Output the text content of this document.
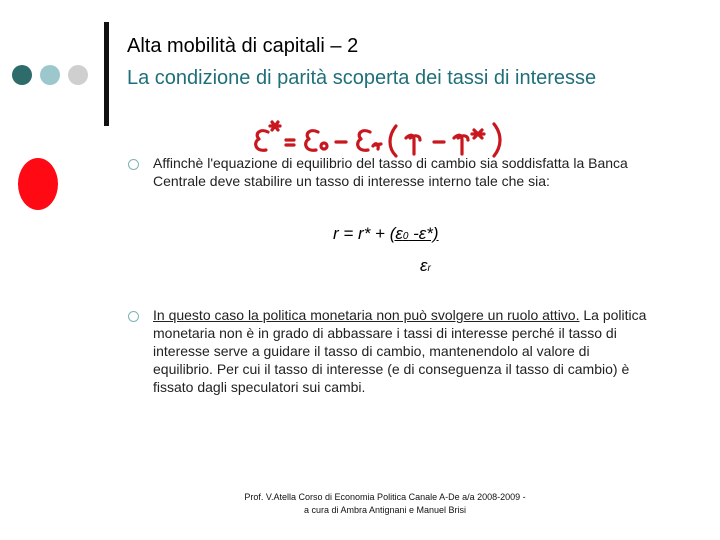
Alta mobilità di capitali – 2
La condizione di parità scoperta dei tassi di interesse
Affinchè l'equazione di equilibrio del tasso di cambio sia soddisfatta la Banca Centrale deve stabilire un tasso di interesse interno tale che sia:
r = r* + (ε0 -ε*)
εr
In questo caso la politica monetaria non può svolgere un ruolo attivo. La politica monetaria non è in grado di abbassare i tassi di interesse perché il tasso di interesse serve a guidare il tasso di cambio, mantenendolo al valore di equilibrio. Per cui il tasso di interesse (e di conseguenza il tasso di cambio) è fissato dagli speculatori sui cambi.
Prof. V.Atella Corso di Economia Politica Canale A-De a/a 2008-2009 -
a cura di Ambra Antignani e Manuel Brisi
